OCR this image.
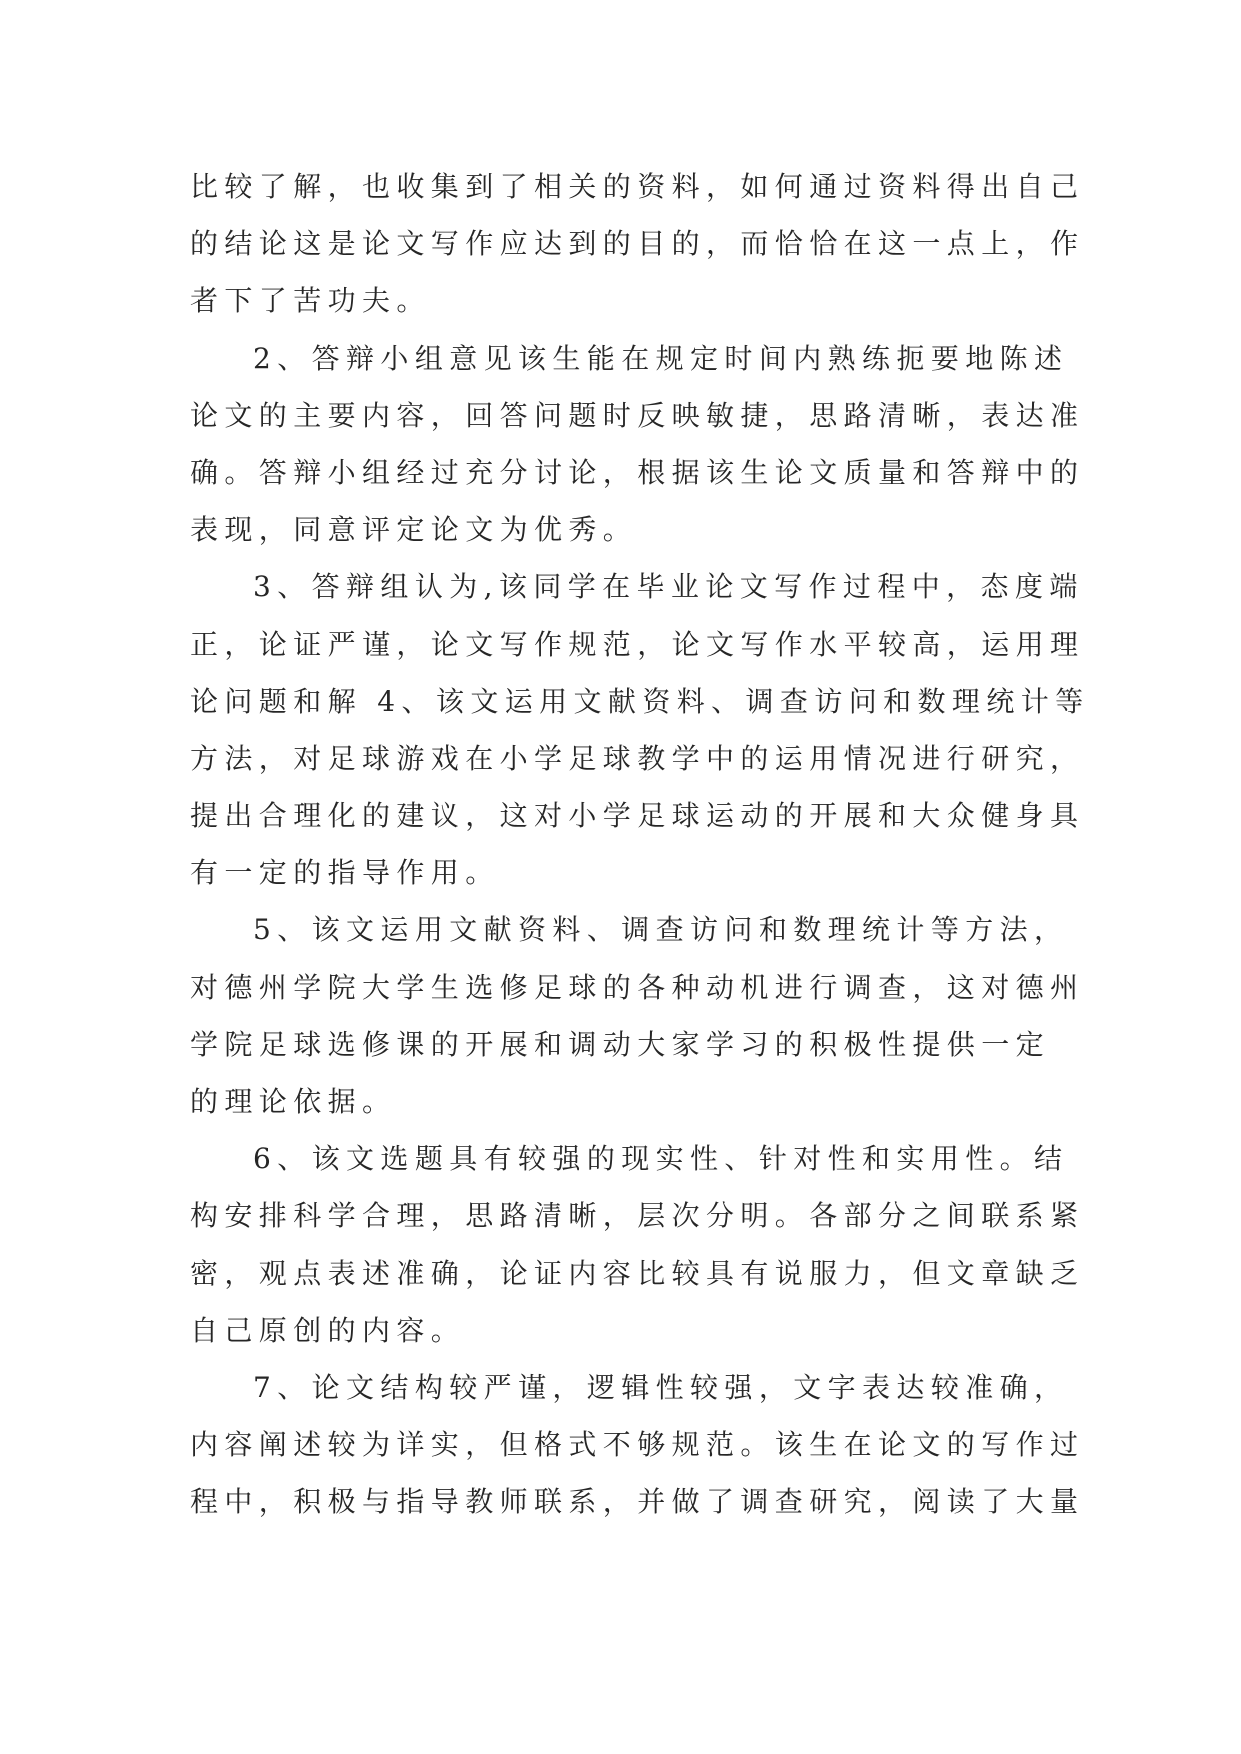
比较了解，也收集到了相关的资料，如何通过资料得出自己
的结论这是论文写作应达到的目的，而恰恰在这一点上，作
者下了苦功夫。
2、答辩小组意见该生能在规定时间内熟练扼要地陈述
论文的主要内容，回答问题时反映敏捷，思路清晰，表达准
确。答辩小组经过充分讨论，根据该生论文质量和答辩中的
表现，同意评定论文为优秀。
3、答辩组认为,该同学在毕业论文写作过程中，态度端
正，论证严谨，论文写作规范，论文写作水平较高，运用理
论问题和解 4、该文运用文献资料、调查访问和数理统计等
方法，对足球游戏在小学足球教学中的运用情况进行研究，
提出合理化的建议，这对小学足球运动的开展和大众健身具
有一定的指导作用。
5、该文运用文献资料、调查访问和数理统计等方法，
对德州学院大学生选修足球的各种动机进行调查，这对德州
学院足球选修课的开展和调动大家学习的积极性提供一定
的理论依据。
6、该文选题具有较强的现实性、针对性和实用性。结
构安排科学合理，思路清晰，层次分明。各部分之间联系紧
密，观点表述准确，论证内容比较具有说服力，但文章缺乏
自己原创的内容。
7、论文结构较严谨，逻辑性较强，文字表达较准确，
内容阐述较为详实，但格式不够规范。该生在论文的写作过
程中，积极与指导教师联系，并做了调查研究，阅读了大量
